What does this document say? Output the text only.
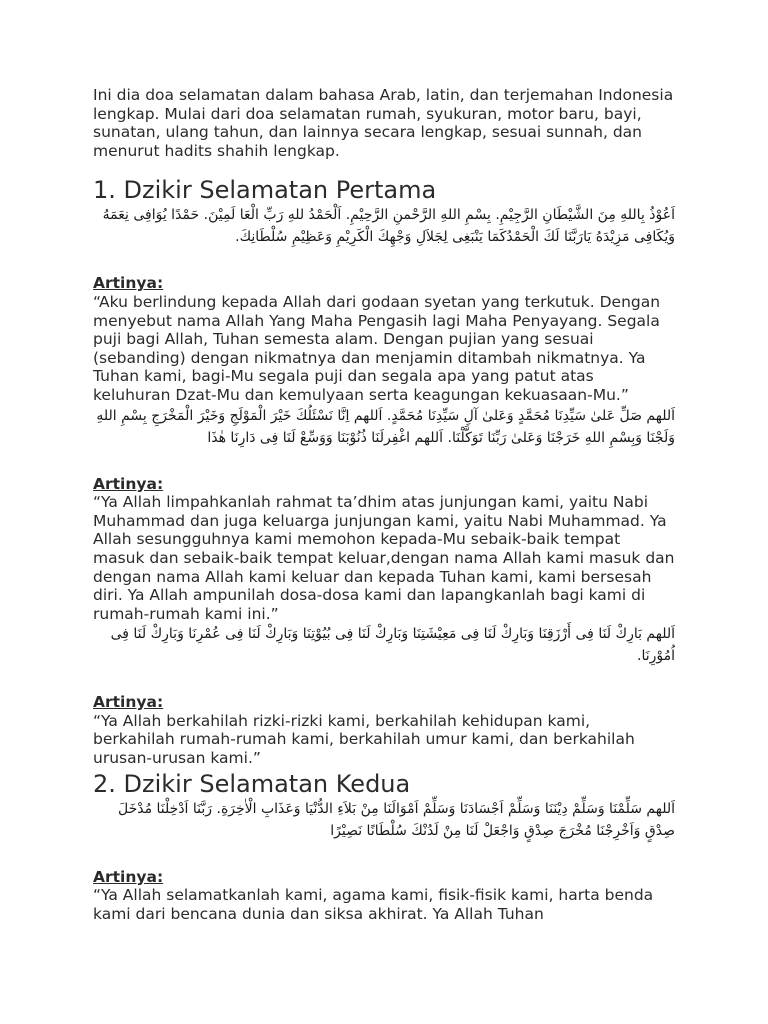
Ini dia doa selamatan dalam bahasa Arab, latin, dan terjemahan Indonesia lengkap. Mulai dari doa selamatan rumah, syukuran, motor baru, bayi, sunatan, ulang tahun, dan lainnya secara lengkap, sesuai sunnah, dan menurut hadits shahih lengkap.

1. Dzikir Selamatan Pertama

اَعُوْذُ بِاللهِ مِنَ الشَّيْطَانِ الرَّجِيْمِ. بِسْمِ اللهِ الرَّحْمنِ الرَّحِيْمِ. اَلْحَمْدُ للهِ رَبِّ الْعَا لَمِيْنَ. حَمْدًا يُوَافِى نِعَمَهُ وَيُكَافِى مَزِيْدَهُ يَارَبَّنَا لَكَ الْحَمْدُكَمَا يَنْبَغِى لِجَلاَلِ وَجْهِكَ الْكَرِيْمِ وَعَظِيْمِ سُلْطَانِكَ.

Artinya:

“Aku berlindung kepada Allah dari godaan syetan yang terkutuk. Dengan menyebut nama Allah Yang Maha Pengasih lagi Maha Penyayang. Segala puji bagi Allah, Tuhan semesta alam. Dengan pujian yang sesuai (sebanding) dengan nikmatnya dan menjamin ditambah nikmatnya. Ya Tuhan kami, bagi-Mu segala puji dan segala apa yang patut atas keluhuran Dzat-Mu dan kemulyaan serta keagungan kekuasaan-Mu.”

اَللهم صَلِّ عَلىٰ سَيِّدِنَا مُحَمَّدٍ وَعَلىٰ آلِ سَيِّدِنَا مُحَمَّدٍ. اَللهم اِنَّا نَسْئَلُكَ خَيْرَ الْمَوْلَجِ وَخَيْرَ الْمَخْرَجِ بِسْمِ اللهِ وَلَجْنَا وَبِسْمِ اللهِ خَرَجْنَا وَعَلىٰ رَبِّنَا تَوَكَّلْنَا. اَللهم اغْفِرلَنَا ذُنُوْبَنَا وَوَسِّعْ لَنَا فِى دَارِنَا هٰذَا

Artinya:

“Ya Allah limpahkanlah rahmat ta’dhim atas junjungan kami, yaitu Nabi Muhammad dan juga keluarga junjungan kami, yaitu Nabi Muhammad. Ya Allah sesungguhnya kami memohon kepada-Mu sebaik-baik tempat masuk dan sebaik-baik tempat keluar,dengan nama Allah kami masuk dan dengan nama Allah kami keluar dan kepada Tuhan kami, kami bersesah diri. Ya Allah ampunilah dosa-dosa kami dan lapangkanlah bagi kami di rumah-rumah kami ini.”

اَللهم بَارِكْ لَنَا فِى أَرْزَقِنَا وَبَارِكْ لَنَا فِى مَعِيْشَتِنَا وَبَارِكْ لَنَا فِى بُيُوْتِنَا وَبَارِكْ لَنَا فِى عُمْرِنَا وَبَارِكْ لَنَا فِى اُمُوْرِنَا.

Artinya:

“Ya Allah berkahilah rizki-rizki kami, berkahilah kehidupan kami, berkahilah rumah-rumah kami, berkahilah umur kami, dan berkahilah urusan-urusan kami.”

2. Dzikir Selamatan Kedua

اَللهم سَلِّمْنَا وَسَلِّمْ دِيْنَنَا وَسَلِّمْ اَجْسَادَنَا وَسَلِّمْ اَمْوَالَنَا مِنْ بَلاَءِ الدُّنْيَا وَعَذَابِ الْاٰخِرَةِ. رَبَّنَا اَدْخِلْنَا مُدْخَلَ صِدْقٍ وَاَخْرِجْنَا مُخْرَجَ صِدْقٍ وَاجْعَلْ لَنَا مِنْ لَدُنْكَ سُلْطَانًا نَصِيْرًا

Artinya:

“Ya Allah selamatkanlah kami, agama kami, fisik-fisik kami, harta benda kami dari bencana dunia dan siksa akhirat. Ya Allah Tuhan
